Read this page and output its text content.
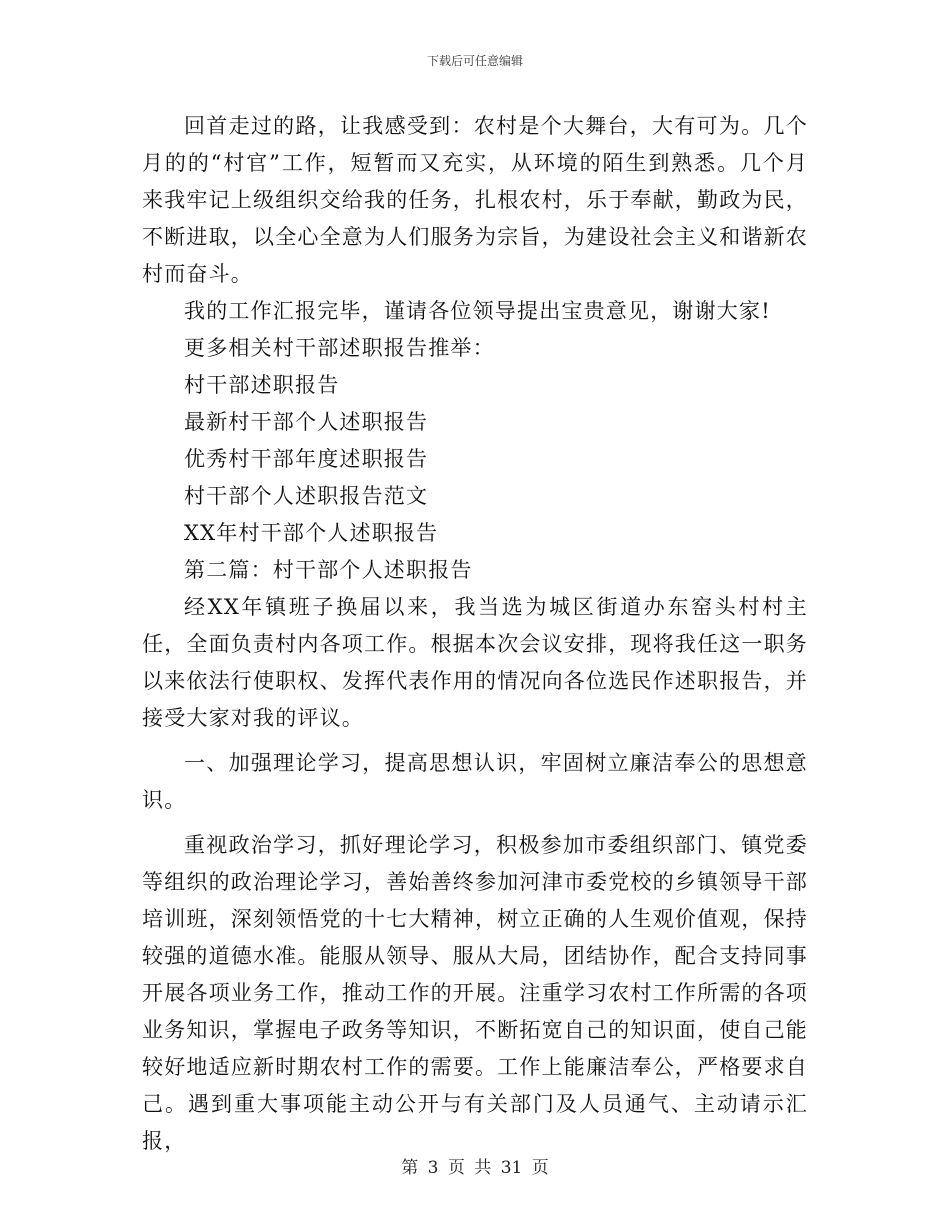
下载后可任意编辑

回首走过的路，让我感受到：农村是个大舞台，大有可为。几个月的的“村官”工作，短暂而又充实，从环境的陌生到熟悉。几个月来我牢记上级组织交给我的任务，扎根农村，乐于奉献，勤政为民，不断进取，以全心全意为人们服务为宗旨，为建设社会主义和谐新农村而奋斗。

我的工作汇报完毕，谨请各位领导提出宝贵意见，谢谢大家!

更多相关村干部述职报告推举：

村干部述职报告

最新村干部个人述职报告

优秀村干部年度述职报告

村干部个人述职报告范文

XX年村干部个人述职报告

第二篇：村干部个人述职报告

经XX年镇班子换届以来，我当选为城区街道办东窑头村村主任，全面负责村内各项工作。根据本次会议安排，现将我任这一职务以来依法行使职权、发挥代表作用的情况向各位选民作述职报告，并接受大家对我的评议。

一、加强理论学习，提高思想认识，牢固树立廉洁奉公的思想意识。

重视政治学习，抓好理论学习，积极参加市委组织部门、镇党委等组织的政治理论学习，善始善终参加河津市委党校的乡镇领导干部培训班，深刻领悟党的十七大精神，树立正确的人生观价值观，保持较强的道德水准。能服从领导、服从大局，团结协作，配合支持同事开展各项业务工作，推动工作的开展。注重学习农村工作所需的各项业务知识，掌握电子政务等知识，不断拓宽自己的知识面，使自己能较好地适应新时期农村工作的需要。工作上能廉洁奉公，严格要求自己。遇到重大事项能主动公开与有关部门及人员通气、主动请示汇报，

第 3 页 共 31 页
